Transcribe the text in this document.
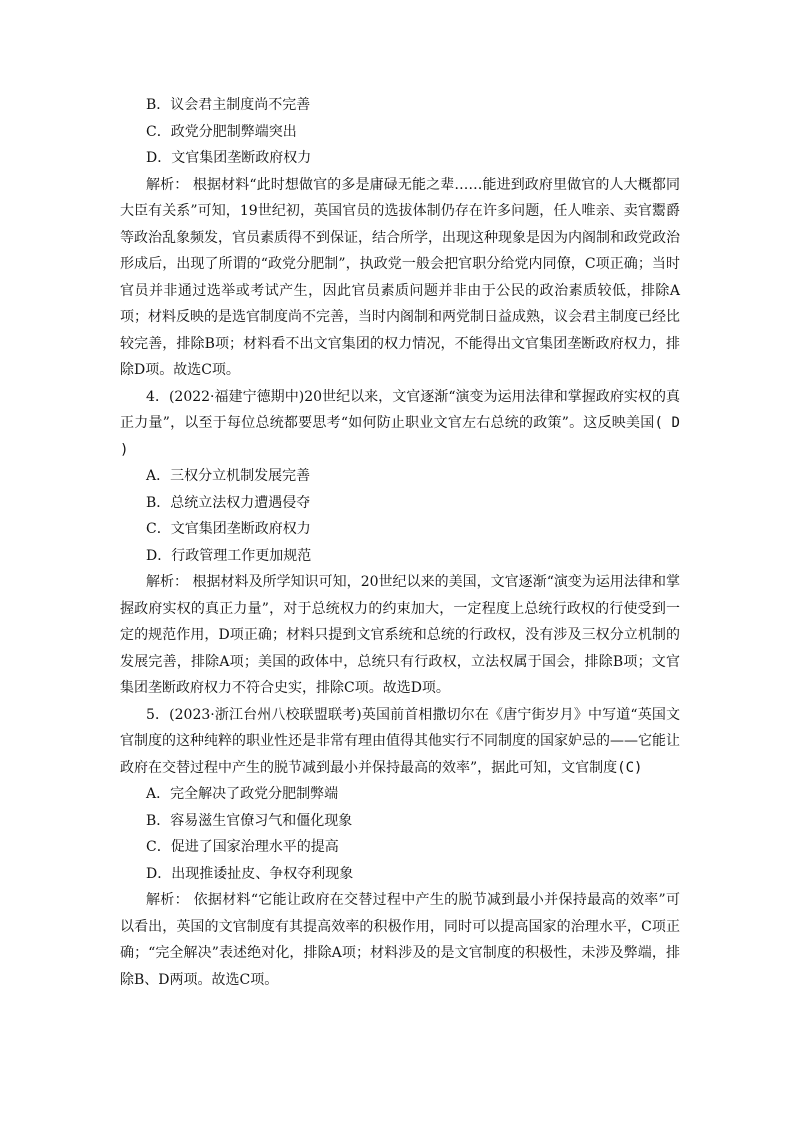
B．议会君主制度尚不完善
C．政党分肥制弊端突出
D．文官集团垄断政府权力
解析： 根据材料“此时想做官的多是庸碌无能之辈……能进到政府里做官的人大概都同大臣有关系”可知，19世纪初，英国官员的选拔体制仍存在许多问题，任人唯亲、卖官鬻爵等政治乱象频发，官员素质得不到保证，结合所学，出现这种现象是因为内阁制和政党政治形成后，出现了所谓的“政党分肥制”，执政党一般会把官职分给党内同僚，C项正确；当时官员并非通过选举或考试产生，因此官员素质问题并非由于公民的政治素质较低，排除A项；材料反映的是选官制度尚不完善，当时内阁制和两党制日益成熟，议会君主制度已经比较完善，排除B项；材料看不出文官集团的权力情况，不能得出文官集团垄断政府权力，排除D项。故选C项。
4．(2022·福建宁德期中)20世纪以来，文官逐渐“演变为运用法律和掌握政府实权的真正力量”，以至于每位总统都要思考“如何防止职业文官左右总统的政策”。这反映美国( D )
A．三权分立机制发展完善
B．总统立法权力遭遇侵夺
C．文官集团垄断政府权力
D．行政管理工作更加规范
解析： 根据材料及所学知识可知，20世纪以来的美国，文官逐渐“演变为运用法律和掌握政府实权的真正力量”，对于总统权力的约束加大，一定程度上总统行政权的行使受到一定的规范作用，D项正确；材料只提到文官系统和总统的行政权，没有涉及三权分立机制的发展完善，排除A项；美国的政体中，总统只有行政权，立法权属于国会，排除B项；文官集团垄断政府权力不符合史实，排除C项。故选D项。
5．(2023·浙江台州八校联盟联考)英国前首相撒切尔在《唐宁街岁月》中写道“英国文官制度的这种纯粹的职业性还是非常有理由值得其他实行不同制度的国家妒忌的——它能让政府在交替过程中产生的脱节减到最小并保持最高的效率”，据此可知，文官制度(C)
A．完全解决了政党分肥制弊端
B．容易滋生官僚习气和僵化现象
C．促进了国家治理水平的提高
D．出现推诿扯皮、争权夺利现象
解析： 依据材料“它能让政府在交替过程中产生的脱节减到最小并保持最高的效率”可以看出，英国的文官制度有其提高效率的积极作用，同时可以提高国家的治理水平，C项正确；“完全解决”表述绝对化，排除A项；材料涉及的是文官制度的积极性，未涉及弊端，排除B、D两项。故选C项。
